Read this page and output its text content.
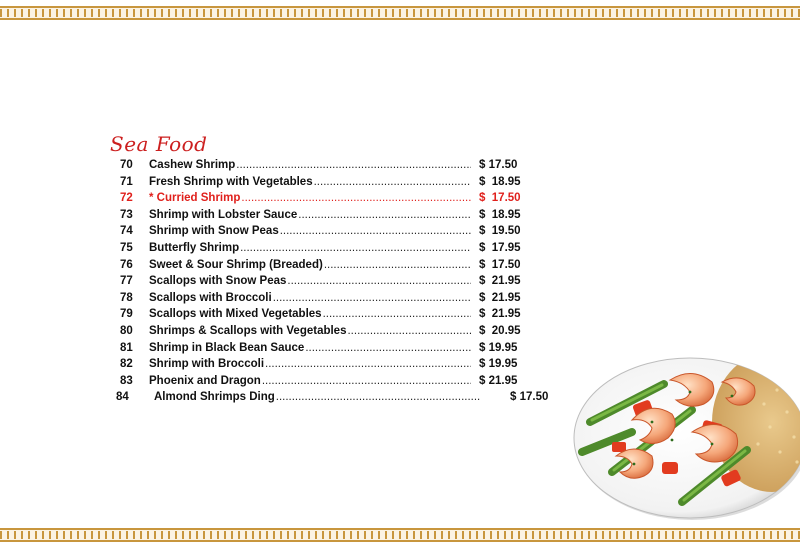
Sea Food
70	Cashew Shrimp .....	$ 17.50
71	Fresh Shrimp with Vegetables .....	$  18.95
72	* Curried Shrimp .....	$  17.50
73	Shrimp with Lobster Sauce .....	$  18.95
74	Shrimp with Snow Peas .....	$  19.50
75	Butterfly Shrimp .....	$  17.95
76	Sweet & Sour Shrimp (Breaded) .....	$  17.50
77	Scallops with Snow Peas .....	$  21.95
78	Scallops with Broccoli .....	$  21.95
79	Scallops with Mixed Vegetables .....	$  21.95
80	Shrimps & Scallops with Vegetables .....	$  20.95
81	Shrimp in Black Bean Sauce .....	$ 19.95
82	Shrimp with Broccoli .....	$ 19.95
83	Phoenix and Dragon .....	$ 21.95
84	Almond Shrimps Ding .....	$ 17.50
